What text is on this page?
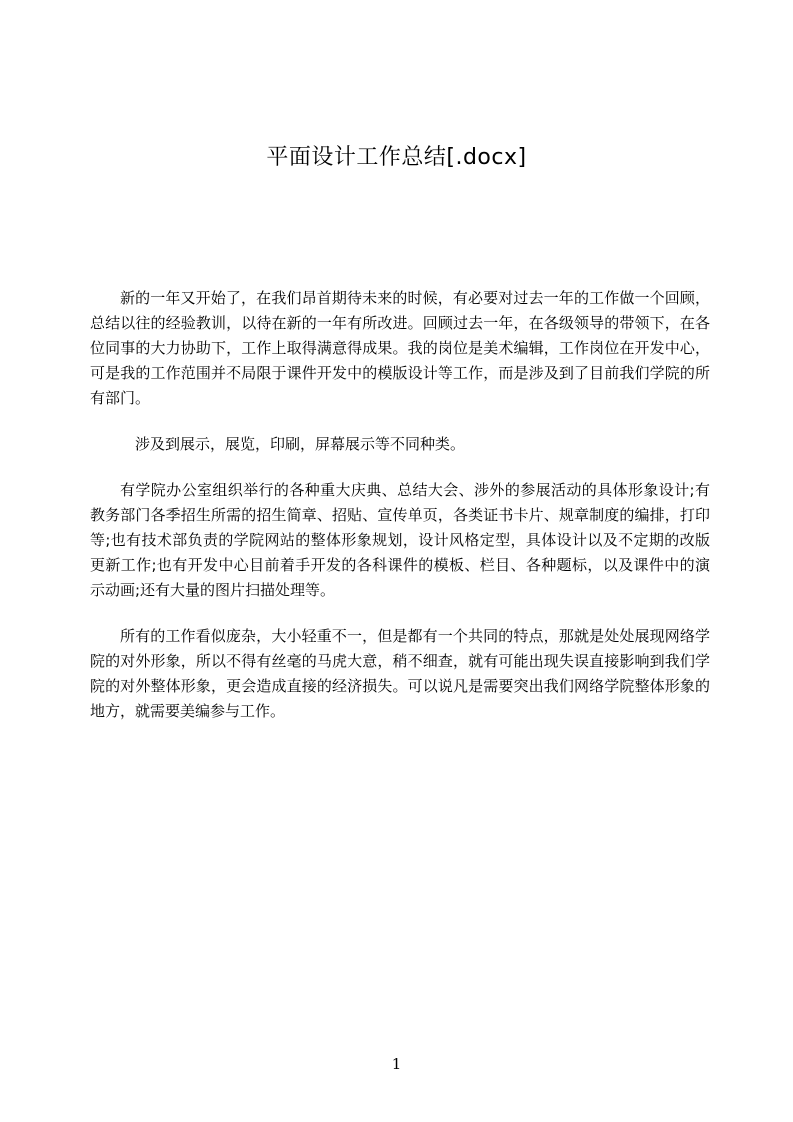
平面设计工作总结[.docx]

新的一年又开始了，在我们昂首期待未来的时候，有必要对过去一年的工作做一个回顾，总结以往的经验教训，以待在新的一年有所改进。回顾过去一年，在各级领导的带领下，在各位同事的大力协助下，工作上取得满意得成果。我的岗位是美术编辑，工作岗位在开发中心，可是我的工作范围并不局限于课件开发中的模版设计等工作，而是涉及到了目前我们学院的所有部门。

涉及到展示，展览，印刷，屏幕展示等不同种类。

有学院办公室组织举行的各种重大庆典、总结大会、涉外的参展活动的具体形象设计;有教务部门各季招生所需的招生简章、招贴、宣传单页，各类证书卡片、规章制度的编排，打印等;也有技术部负责的学院网站的整体形象规划，设计风格定型，具体设计以及不定期的改版更新工作;也有开发中心目前着手开发的各科课件的模板、栏目、各种题标，以及课件中的演示动画;还有大量的图片扫描处理等。

所有的工作看似庞杂，大小轻重不一，但是都有一个共同的特点，那就是处处展现网络学院的对外形象，所以不得有丝毫的马虎大意，稍不细查，就有可能出现失误直接影响到我们学院的对外整体形象，更会造成直接的经济损失。可以说凡是需要突出我们网络学院整体形象的地方，就需要美编参与工作。

1
